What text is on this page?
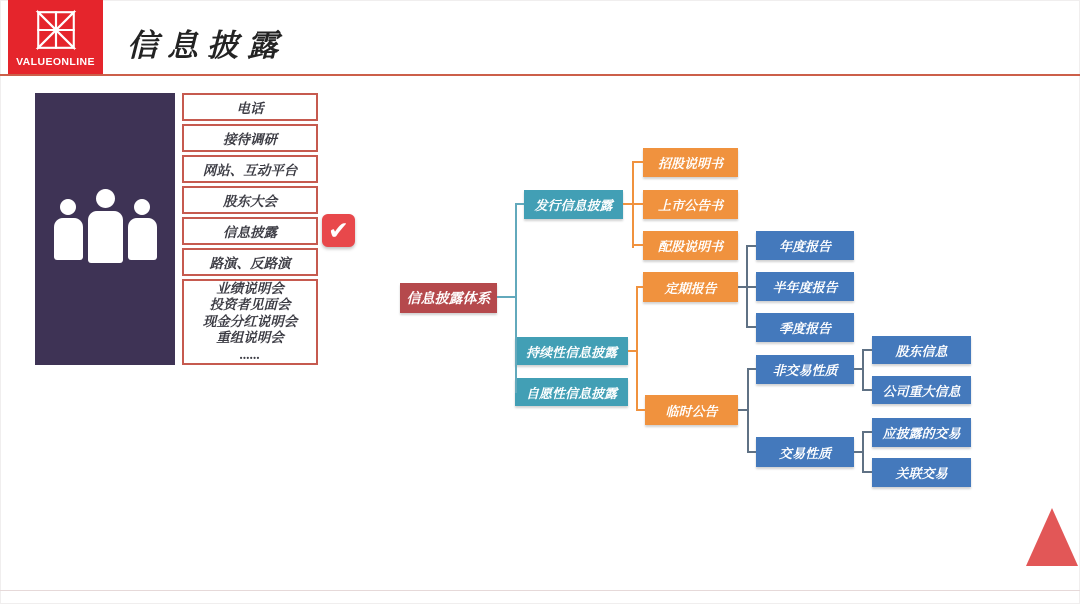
VALUEONLINE 信息披露
电话
接待调研
网站、互动平台
股东大会
信息披露
路演、反路演
业绩说明会
投资者见面会
现金分红说明会
重组说明会
......
✔
信息披露体系
发行信息披露
持续性信息披露
自愿性信息披露
招股说明书
上市公告书
配股说明书
定期报告
临时公告
年度报告
半年度报告
季度报告
非交易性质
交易性质
股东信息
公司重大信息
应披露的交易
关联交易
